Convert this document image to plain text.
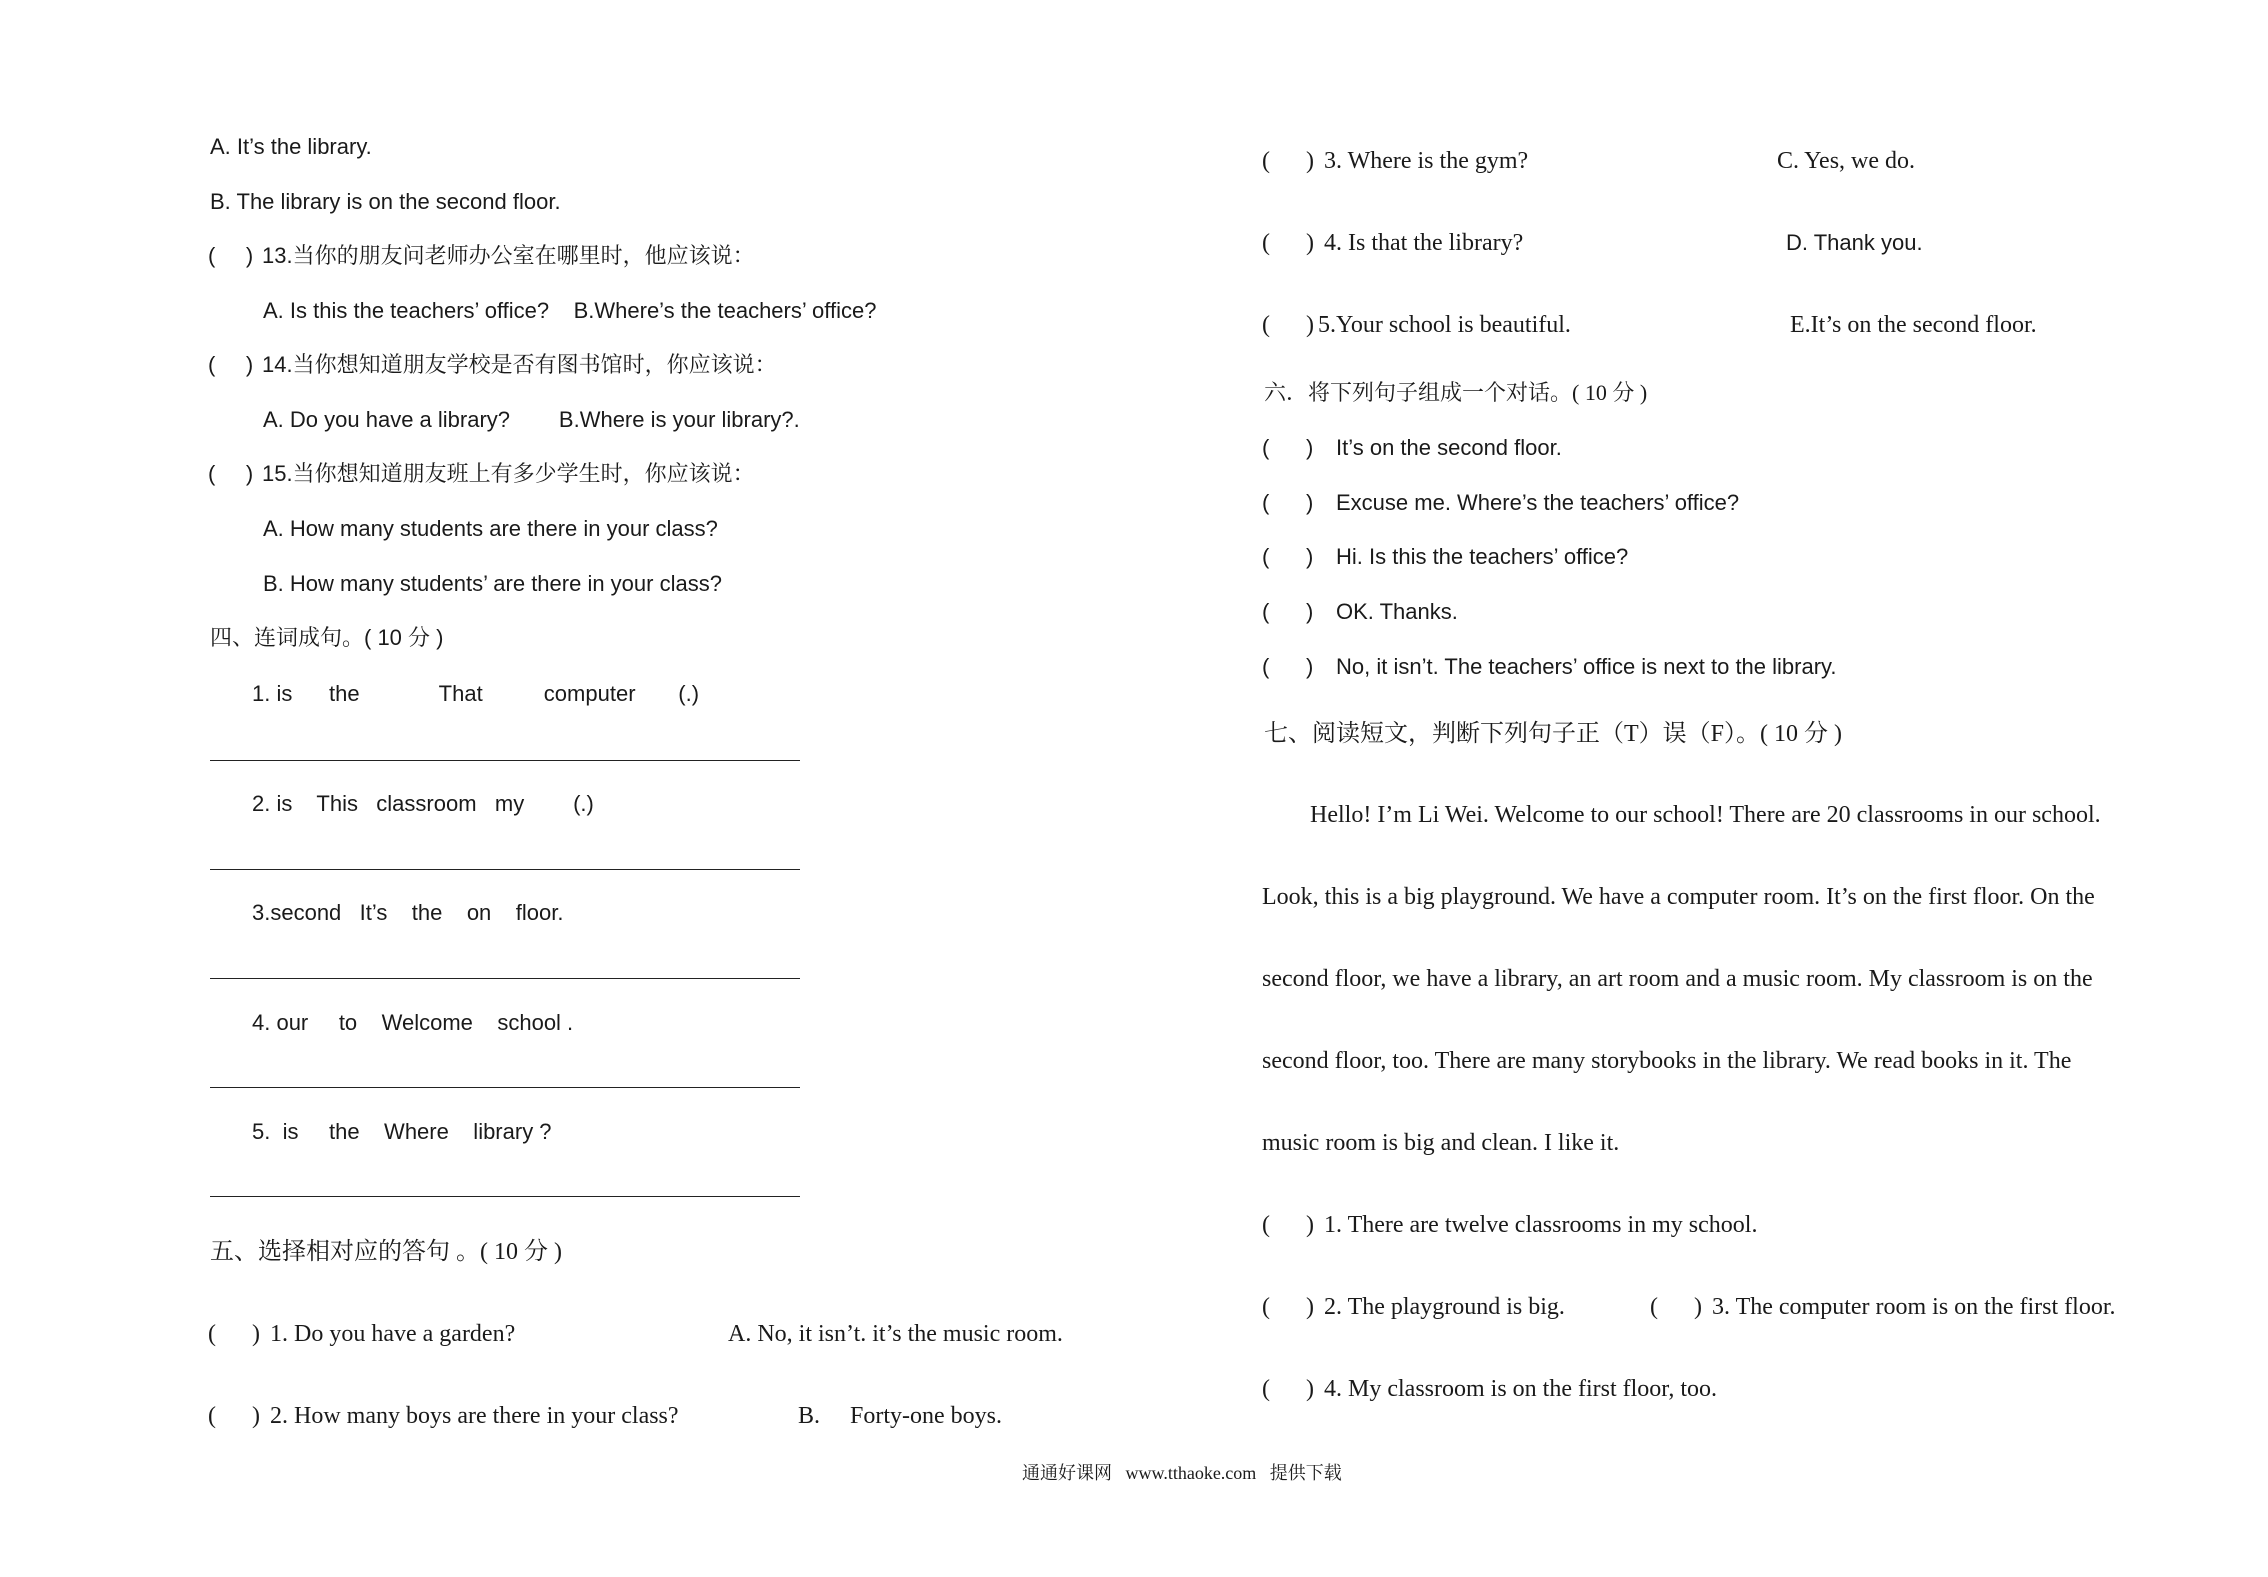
A. It’s the library.
B. The library is on the second floor.
(     ) 13.当你的朋友问老师办公室在哪里时，他应该说：
A. Is this the teachers’ office?    B.Where’s the teachers’ office?
(     ) 14.当你想知道朋友学校是否有图书馆时，你应该说：
A. Do you have a library?        B.Where is your library?.
(     ) 15.当你想知道朋友班上有多少学生时，你应该说：
A. How many students are there in your class?
B. How many students’ are there in your class?
四、连词成句。( 10 分 )
1. is      the             That          computer       (.)
2. is    This   classroom   my        (.)
3.second   It’s    the    on    floor.
4. our     to    Welcome    school .
5.  is     the    Where    library ?
五、选择相对应的答句 。( 10 分 )
(      ) 1. Do you have a garden?	A. No, it isn’t. it’s the music room.
(      ) 2. How many boys are there in your class?	B.     Forty-one boys.
(      ) 3. Where is the gym?	C. Yes, we do.
(      ) 4. Is that the library?	D. Thank you.
(      ) 5.Your school is beautiful.	E.It’s on the second floor.
六．将下列句子组成一个对话。( 10 分 )
(      ) It’s on the second floor.
(      ) Excuse me. Where’s the teachers’ office?
(      ) Hi. Is this the teachers’ office?
(      ) OK. Thanks.
(      ) No, it isn’t. The teachers’ office is next to the library.
七、阅读短文，判断下列句子正（T）误（F）。( 10 分 )
Hello! I’m Li Wei. Welcome to our school! There are 20 classrooms in our school.
Look, this is a big playground. We have a computer room. It’s on the first floor. On the
second floor, we have a library, an art room and a music room. My classroom is on the
second floor, too. There are many storybooks in the library. We read books in it. The
music room is big and clean. I like it.
(      ) 1. There are twelve classrooms in my school.
(      ) 2. The playground is big.	(      ) 3. The computer room is on the first floor.
(      ) 4. My classroom is on the first floor, too.
通通好课网   www.tthaoke.com   提供下载
